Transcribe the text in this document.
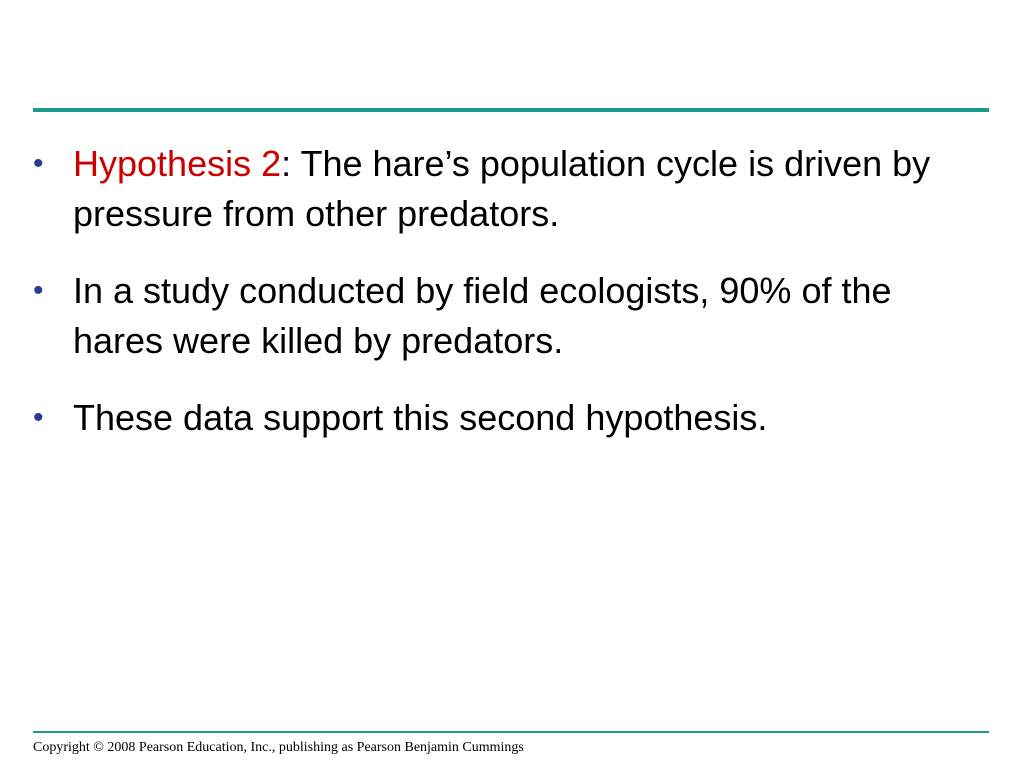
• Hypothesis 2: The hare’s population cycle is driven by pressure from other predators.
• In a study conducted by field ecologists, 90% of the hares were killed by predators.
• These data support this second hypothesis.
Copyright © 2008 Pearson Education, Inc., publishing as Pearson Benjamin Cummings
